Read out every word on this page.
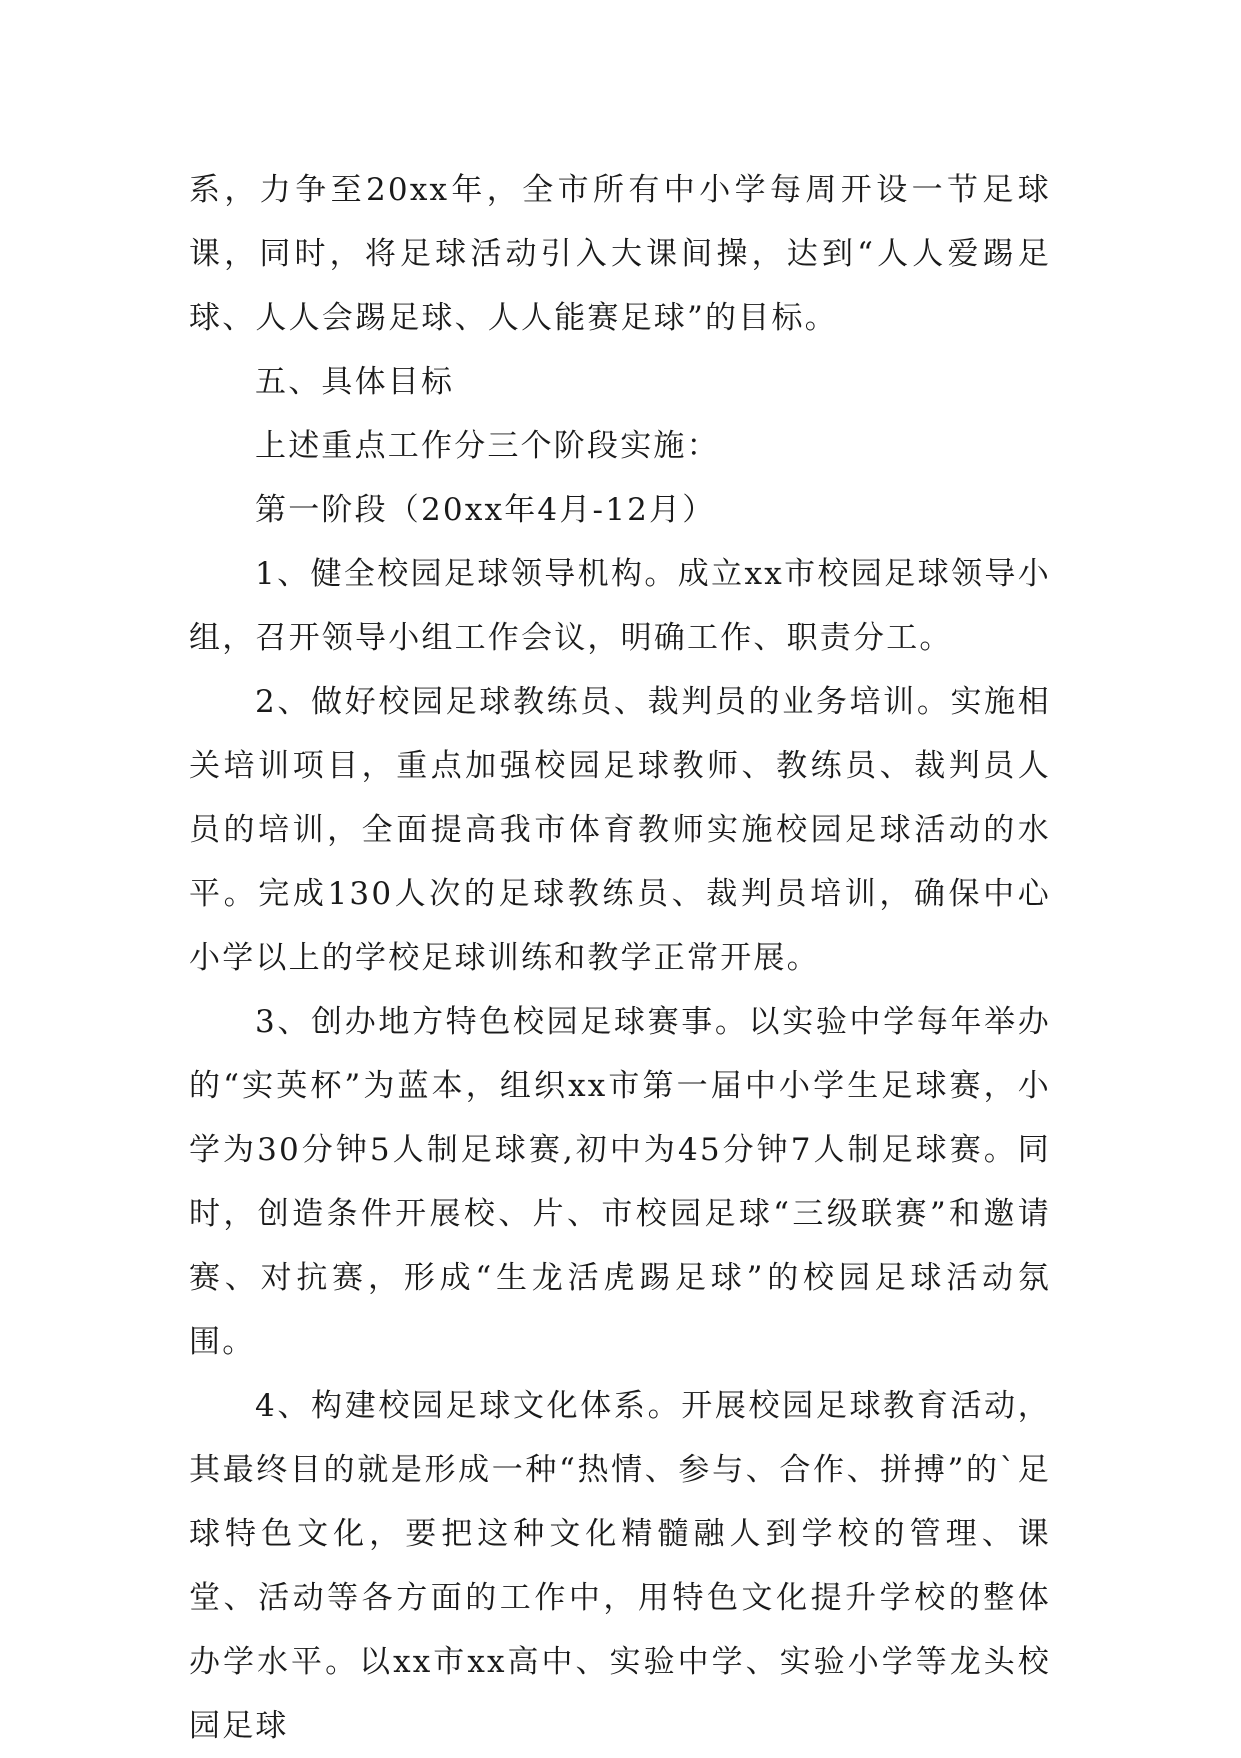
系，力争至20xx年，全市所有中小学每周开设一节足球课，同时，将足球活动引入大课间操，达到“人人爱踢足球、人人会踢足球、人人能赛足球”的目标。

五、具体目标

上述重点工作分三个阶段实施：

第一阶段（20xx年4月-12月）

1、健全校园足球领导机构。成立xx市校园足球领导小组，召开领导小组工作会议，明确工作、职责分工。

2、做好校园足球教练员、裁判员的业务培训。实施相关培训项目，重点加强校园足球教师、教练员、裁判员人员的培训，全面提高我市体育教师实施校园足球活动的水平。完成130人次的足球教练员、裁判员培训，确保中心小学以上的学校足球训练和教学正常开展。

3、创办地方特色校园足球赛事。以实验中学每年举办的“实英杯”为蓝本，组织xx市第一届中小学生足球赛，小学为30分钟5人制足球赛,初中为45分钟7人制足球赛。同时，创造条件开展校、片、市校园足球“三级联赛”和邀请赛、对抗赛，形成“生龙活虎踢足球”的校园足球活动氛围。

4、构建校园足球文化体系。开展校园足球教育活动，其最终目的就是形成一种“热情、参与、合作、拼搏”的`足球特色文化，要把这种文化精髓融人到学校的管理、课堂、活动等各方面的工作中，用特色文化提升学校的整体办学水平。以xx市xx高中、实验中学、实验小学等龙头校园足球
